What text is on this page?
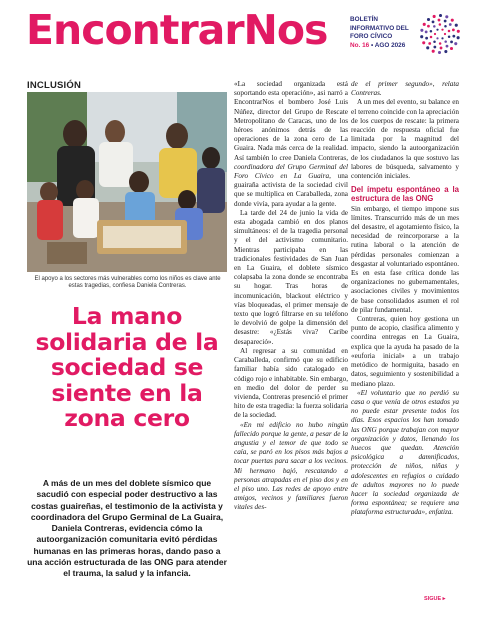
EncontrarNos	BOLETÍN
INFORMATIVO DEL
FORO CÍVICO
No. 16 • AGO 2026
INCLUSIÓN
El apoyo a los sectores más vulnerables como los niños es clave ante estas tragedias, confiesa Daniela Contreras.
La mano solidaria de la sociedad se siente en la zona cero

A más de un mes del doblete sísmico que sacudió con especial poder destructivo a las costas guaireñas, el testimonio de la activista y coordinadora del Grupo Germinal de La Guaira, Daniela Contreras, evidencia cómo la autoorganización comunitaria evitó pérdidas humanas en las primeras horas, dando paso a una acción estructurada de las ONG para atender el trauma, la salud y la infancia.

«La sociedad organizada está soportando esta operación», asi narró a EncontrarNos el bombero José Luis Núñez, director del Grupo de Rescate Metropolitano de Caracas, uno de los héroes anónimos detrás de las operaciones de la zona cero de La Guaira. Nada más cerca de la realidad. Así también lo cree Daniela Contreras, coordinadora del Grupo Germinal del Foro Cívico en La Guaira, una guairaña activista de la sociedad civil que se multiplica en Caraballeda, zona donde vivía, para ayudar a la gente.

La tarde del 24 de junio la vida de esta abogada cambió en dos planos simultáneos: el de la tragedia personal y el del activismo comunitario. Mientras participaba en las tradicionales festividades de San Juan en La Guaira, el doblete sísmico colapsaba la zona donde se encontraba su hogar. Tras horas de incomunicación, blackout eléctrico y vías bloqueadas, el primer mensaje de texto que logró filtrarse en su teléfono le devolvió de golpe la dimensión del desastre: «¿Estás viva? Caribe desapareció».

Al regresar a su comunidad en Caraballeda, confirmó que su edificio familiar había sido catalogado en código rojo e inhabitable. Sin embargo, en medio del dolor de perder su vivienda, Contreras presenció el primer hito de esta tragedia: la fuerza solidaria de la sociedad.

«En mi edificio no hubo ningún fallecido porque la gente, a pesar de la angustia y el temor de que todo se caía, se paró en los pisos más bajos a tocar puertas para sacar a los vecinos. Mi hermano bajó, rescatando a personas atrapadas en el piso dos y en el piso uno. Las redes de apoyo entre amigos, vecinos y familiares fueron vitales des-

de el primer segundo», relata Contreras.

A un mes del evento, su balance en el terreno coincide con la apreciación de los cuerpos de rescate: la primera reacción de respuesta oficial fue limitada por la magnitud del impacto, siendo la autoorganización de los ciudadanos la que sostuvo las labores de búsqueda, salvamento y contención iniciales.

Del ímpetu espontáneo a la estructura de las ONG

Sin embargo, el tiempo impone sus límites. Transcurrido más de un mes del desastre, el agotamiento físico, la necesidad de reincorporarse a la rutina laboral o la atención de pérdidas personales comienzan a desgastar al voluntariado espontáneo. Es en esta fase crítica donde las organizaciones no gubernamentales, asociaciones civiles y movimientos de base consolidados asumen el rol de pilar fundamental.

Contreras, quien hoy gestiona un punto de acopio, clasifica alimento y coordina entregas en La Guaira, explica que la ayuda ha pasado de la «euforia inicial» a un trabajo metódico de hormiguita, basado en datos, seguimiento y sostenibilidad a mediano plazo.

«El voluntario que no perdió su casa o que venía de otros estados ya no puede estar presente todos los días. Esos espacios los han tomado las ONG porque trabajan con mayor organización y datos, llenando los huecos que quedan. Atención psicológica a damnificados, protección de niños, niñas y adolescentes en refugios o cuidado de adultos mayores no lo puede hacer la sociedad organizada de forma espontánea; se requiere una plataforma estructurada», enfatiza.

SIGUE ▸
